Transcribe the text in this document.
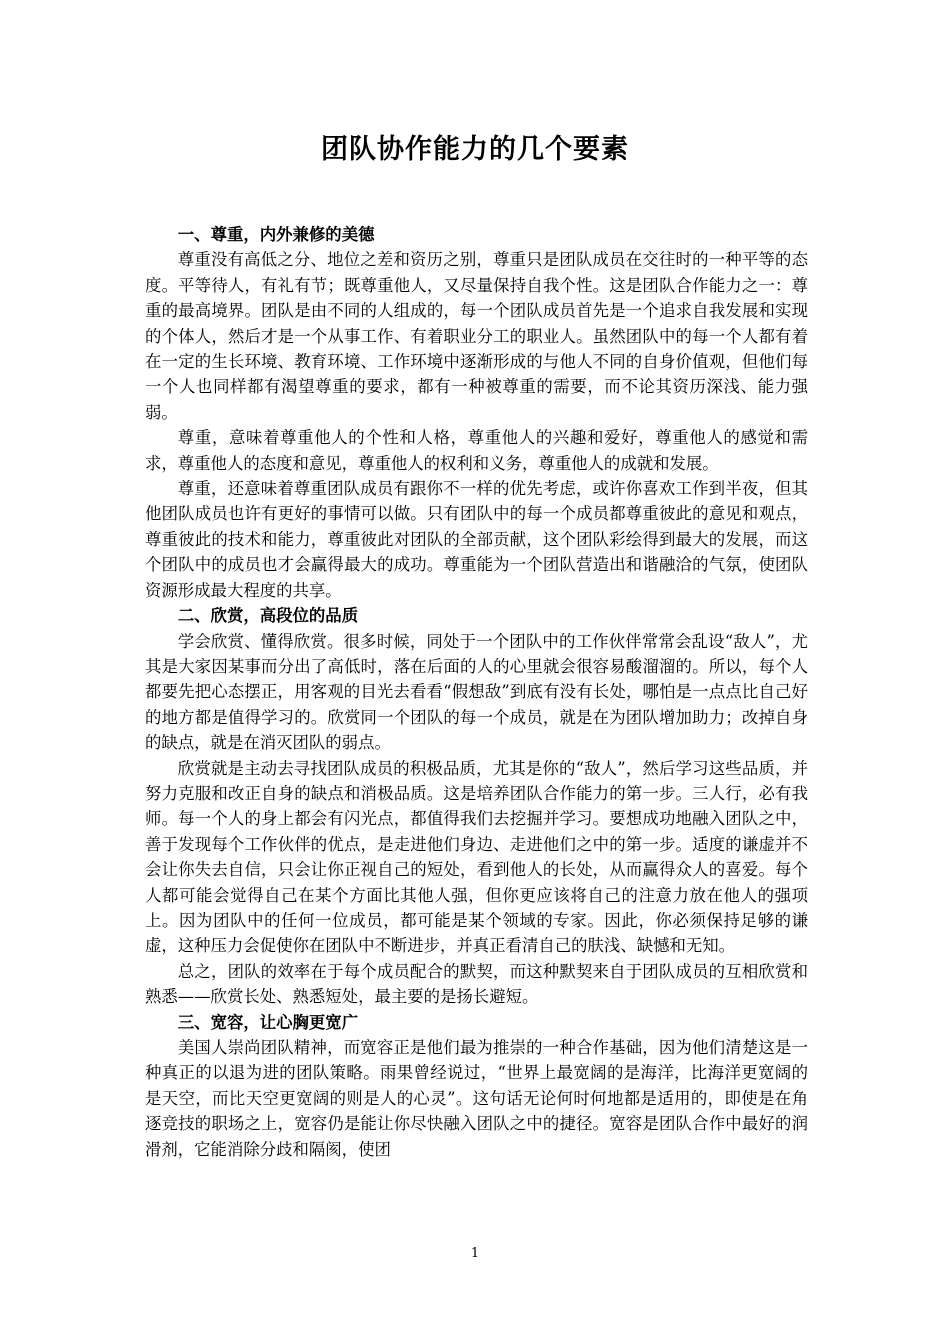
团队协作能力的几个要素
一、尊重，内外兼修的美德

尊重没有高低之分、地位之差和资历之别，尊重只是团队成员在交往时的一种平等的态度。平等待人，有礼有节；既尊重他人，又尽量保持自我个性。这是团队合作能力之一：尊重的最高境界。团队是由不同的人组成的，每一个团队成员首先是一个追求自我发展和实现的个体人，然后才是一个从事工作、有着职业分工的职业人。虽然团队中的每一个人都有着在一定的生长环境、教育环境、工作环境中逐渐形成的与他人不同的自身价值观，但他们每一个人也同样都有渴望尊重的要求，都有一种被尊重的需要，而不论其资历深浅、能力强弱。

尊重，意味着尊重他人的个性和人格，尊重他人的兴趣和爱好，尊重他人的感觉和需求，尊重他人的态度和意见，尊重他人的权利和义务，尊重他人的成就和发展。

尊重，还意味着尊重团队成员有跟你不一样的优先考虑，或许你喜欢工作到半夜，但其他团队成员也许有更好的事情可以做。只有团队中的每一个成员都尊重彼此的意见和观点，尊重彼此的技术和能力，尊重彼此对团队的全部贡献，这个团队彩绘得到最大的发展，而这个团队中的成员也才会赢得最大的成功。尊重能为一个团队营造出和谐融洽的气氛，使团队资源形成最大程度的共享。

二、欣赏，高段位的品质

学会欣赏、懂得欣赏。很多时候，同处于一个团队中的工作伙伴常常会乱设“敌人”，尤其是大家因某事而分出了高低时，落在后面的人的心里就会很容易酸溜溜的。所以，每个人都要先把心态摆正，用客观的目光去看看“假想敌”到底有没有长处，哪怕是一点点比自己好的地方都是值得学习的。欣赏同一个团队的每一个成员，就是在为团队增加助力；改掉自身的缺点，就是在消灭团队的弱点。

欣赏就是主动去寻找团队成员的积极品质，尤其是你的“敌人”，然后学习这些品质，并努力克服和改正自身的缺点和消极品质。这是培养团队合作能力的第一步。三人行，必有我师。每一个人的身上都会有闪光点，都值得我们去挖掘并学习。要想成功地融入团队之中，善于发现每个工作伙伴的优点，是走进他们身边、走进他们之中的第一步。适度的谦虚并不会让你失去自信，只会让你正视自己的短处，看到他人的长处，从而赢得众人的喜爱。每个人都可能会觉得自己在某个方面比其他人强，但你更应该将自己的注意力放在他人的强项上。因为团队中的任何一位成员，都可能是某个领域的专家。因此，你必须保持足够的谦虚，这种压力会促使你在团队中不断进步，并真正看清自己的肤浅、缺憾和无知。

总之，团队的效率在于每个成员配合的默契，而这种默契来自于团队成员的互相欣赏和熟悉——欣赏长处、熟悉短处，最主要的是扬长避短。

三、宽容，让心胸更宽广

美国人崇尚团队精神，而宽容正是他们最为推崇的一种合作基础，因为他们清楚这是一种真正的以退为进的团队策略。雨果曾经说过，“世界上最宽阔的是海洋，比海洋更宽阔的是天空，而比天空更宽阔的则是人的心灵”。这句话无论何时何地都是适用的，即使是在角逐竞技的职场之上，宽容仍是能让你尽快融入团队之中的捷径。宽容是团队合作中最好的润滑剂，它能消除分歧和隔阂，使团

1
